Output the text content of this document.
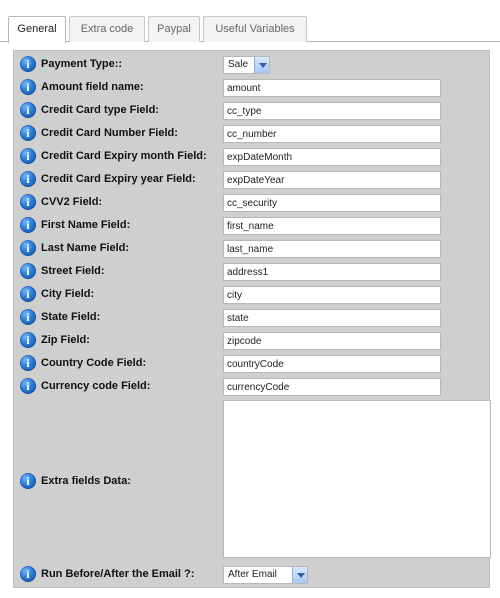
General	Extra code	Paypal	Useful Variables
i
Payment Type::	Sale
i
Amount field name:
amount
i
Credit Card type Field:
cc_type
i
Credit Card Number Field:
cc_number
i
Credit Card Expiry month Field:
expDateMonth
i
Credit Card Expiry year Field:
expDateYear
i
CVV2 Field:
cc_security
i
First Name Field:
first_name
i
Last Name Field:
last_name
i
Street Field:
address1
i
City Field:
city
i
State Field:
state
i
Zip Field:
zipcode
i
Country Code Field:
countryCode
i
Currency code Field:
currencyCode
i
Extra fields Data:
i
Run Before/After the Email ?:	After Email
